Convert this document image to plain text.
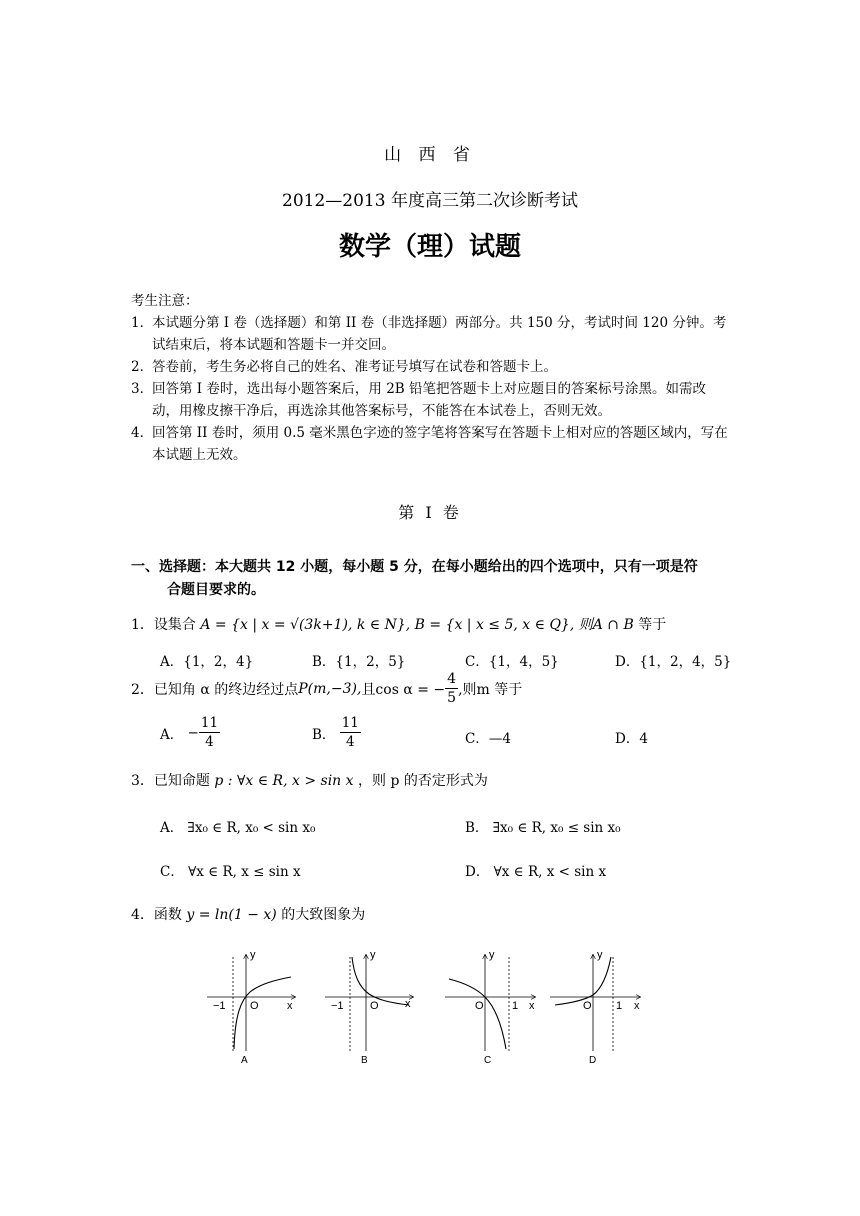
山 西 省
2012—2013 年度高三第二次诊断考试
数学（理）试题
考生注意：
1．
本试题分第 I 卷（选择题）和第 II 卷（非选择题）两部分。共 150 分，考试时间 120 分钟。考试结束后，将本试题和答题卡一并交回。
2．
答卷前，考生务必将自己的姓名、准考证号填写在试卷和答题卡上。
3．
回答第 I 卷时，选出每小题答案后，用 2B 铅笔把答题卡上对应题目的答案标号涂黑。如需改动，用橡皮擦干净后，再选涂其他答案标号，不能答在本试卷上，否则无效。
4．
回答第 II 卷时，须用 0.5 毫米黑色字迹的签字笔将答案写在答题卡上相对应的答题区域内，写在本试题上无效。
第 I 卷
一、选择题：本大题共 12 小题，每小题 5 分，在每小题给出的四个选项中，只有一项是符
合题目要求的。
1．设集合 A = {x | x = √(3k+1), k ∈ N}, B = {x | x ≤ 5, x ∈ Q}, 则A ∩ B 等于
A．{1，2，4}	B．{1，2，5}	C．{1，4，5}	D．{1，2，4，5}
2．已知角 α 的终边经过点 P(m,−3), 且cos α = − $\frac{4}{5}$ ,则m 等于
A．
− $\frac{11}{4}$	B．
$\frac{11}{4}$	C．—4	D．4
3．已知命题 p : ∀x ∈ R, x > sin x ，则 p 的否定形式为
A． ∃x₀ ∈ R, x₀ < sin x₀	B． ∃x₀ ∈ R, x₀ ≤ sin x₀
C． ∀x ∈ R, x ≤ sin x	D． ∀x ∈ R, x < sin x
4．函数 y = ln(1 − x) 的大致图象为
y
x
O
−1
A
y
x
O
−1
B
y
x
O	1
C
y
x
O 1
D
